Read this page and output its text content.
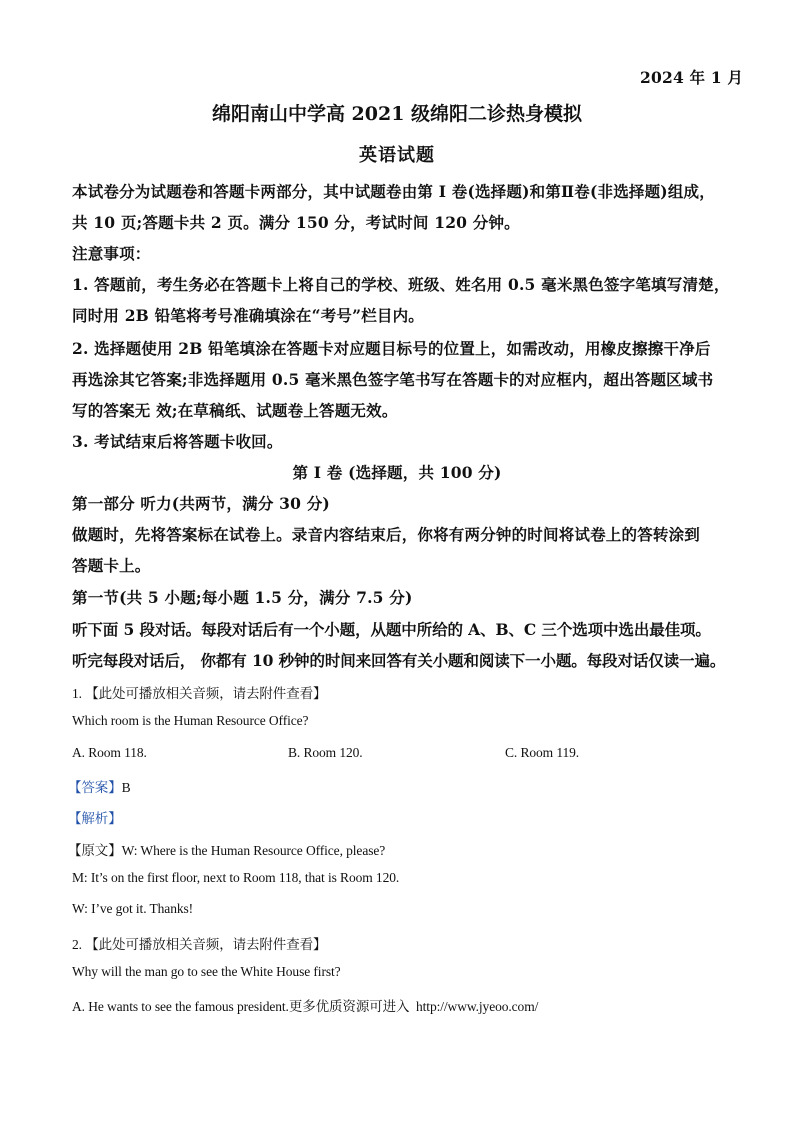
2024 年 1 月
绵阳南山中学高 2021 级绵阳二诊热身模拟
英语试题
本试卷分为试题卷和答题卡两部分，其中试题卷由第 I 卷(选择题)和第Ⅱ卷(非选择题)组成，
共 10 页;答题卡共 2 页。满分 150 分，考试时间 120 分钟。
注意事项：
1. 答题前，考生务必在答题卡上将自己的学校、班级、姓名用 0.5 毫米黑色签字笔填写清楚，
同时用 2B 铅笔将考号准确填涂在“考号”栏目内。
2. 选择题使用 2B 铅笔填涂在答题卡对应题目标号的位置上，如需改动，用橡皮擦擦干净后
再选涂其它答案;非选择题用 0.5 毫米黑色签字笔书写在答题卡的对应框内，超出答题区域书
写的答案无 效;在草稿纸、试题卷上答题无效。
3. 考试结束后将答题卡收回。
第 I 卷 (选择题，共 100 分)
第一部分 听力(共两节，满分 30 分)
做题时，先将答案标在试卷上。录音内容结束后，你将有两分钟的时间将试卷上的答转涂到
答题卡上。
第一节(共 5 小题;每小题 1.5 分，满分 7.5 分)
听下面 5 段对话。每段对话后有一个小题，从题中所给的 A、B、C 三个选项中选出最佳项。
听完每段对话后， 你都有 10 秒钟的时间来回答有关小题和阅读下一小题。每段对话仅读一遍。
1. 【此处可播放相关音频，请去附件查看】
Which room is the Human Resource Office?
A. Room 118.	B. Room 120.	C. Room 119.
【答案】B
【解析】
【原文】W: Where is the Human Resource Office, please?
M: It’s on the first floor, next to Room 118, that is Room 120.
W: I’ve got it. Thanks!
2. 【此处可播放相关音频，请去附件查看】
Why will the man go to see the White House first?
A. He wants to see the famous president.更多优质资源可进入 http://www.jyeoo.com/
